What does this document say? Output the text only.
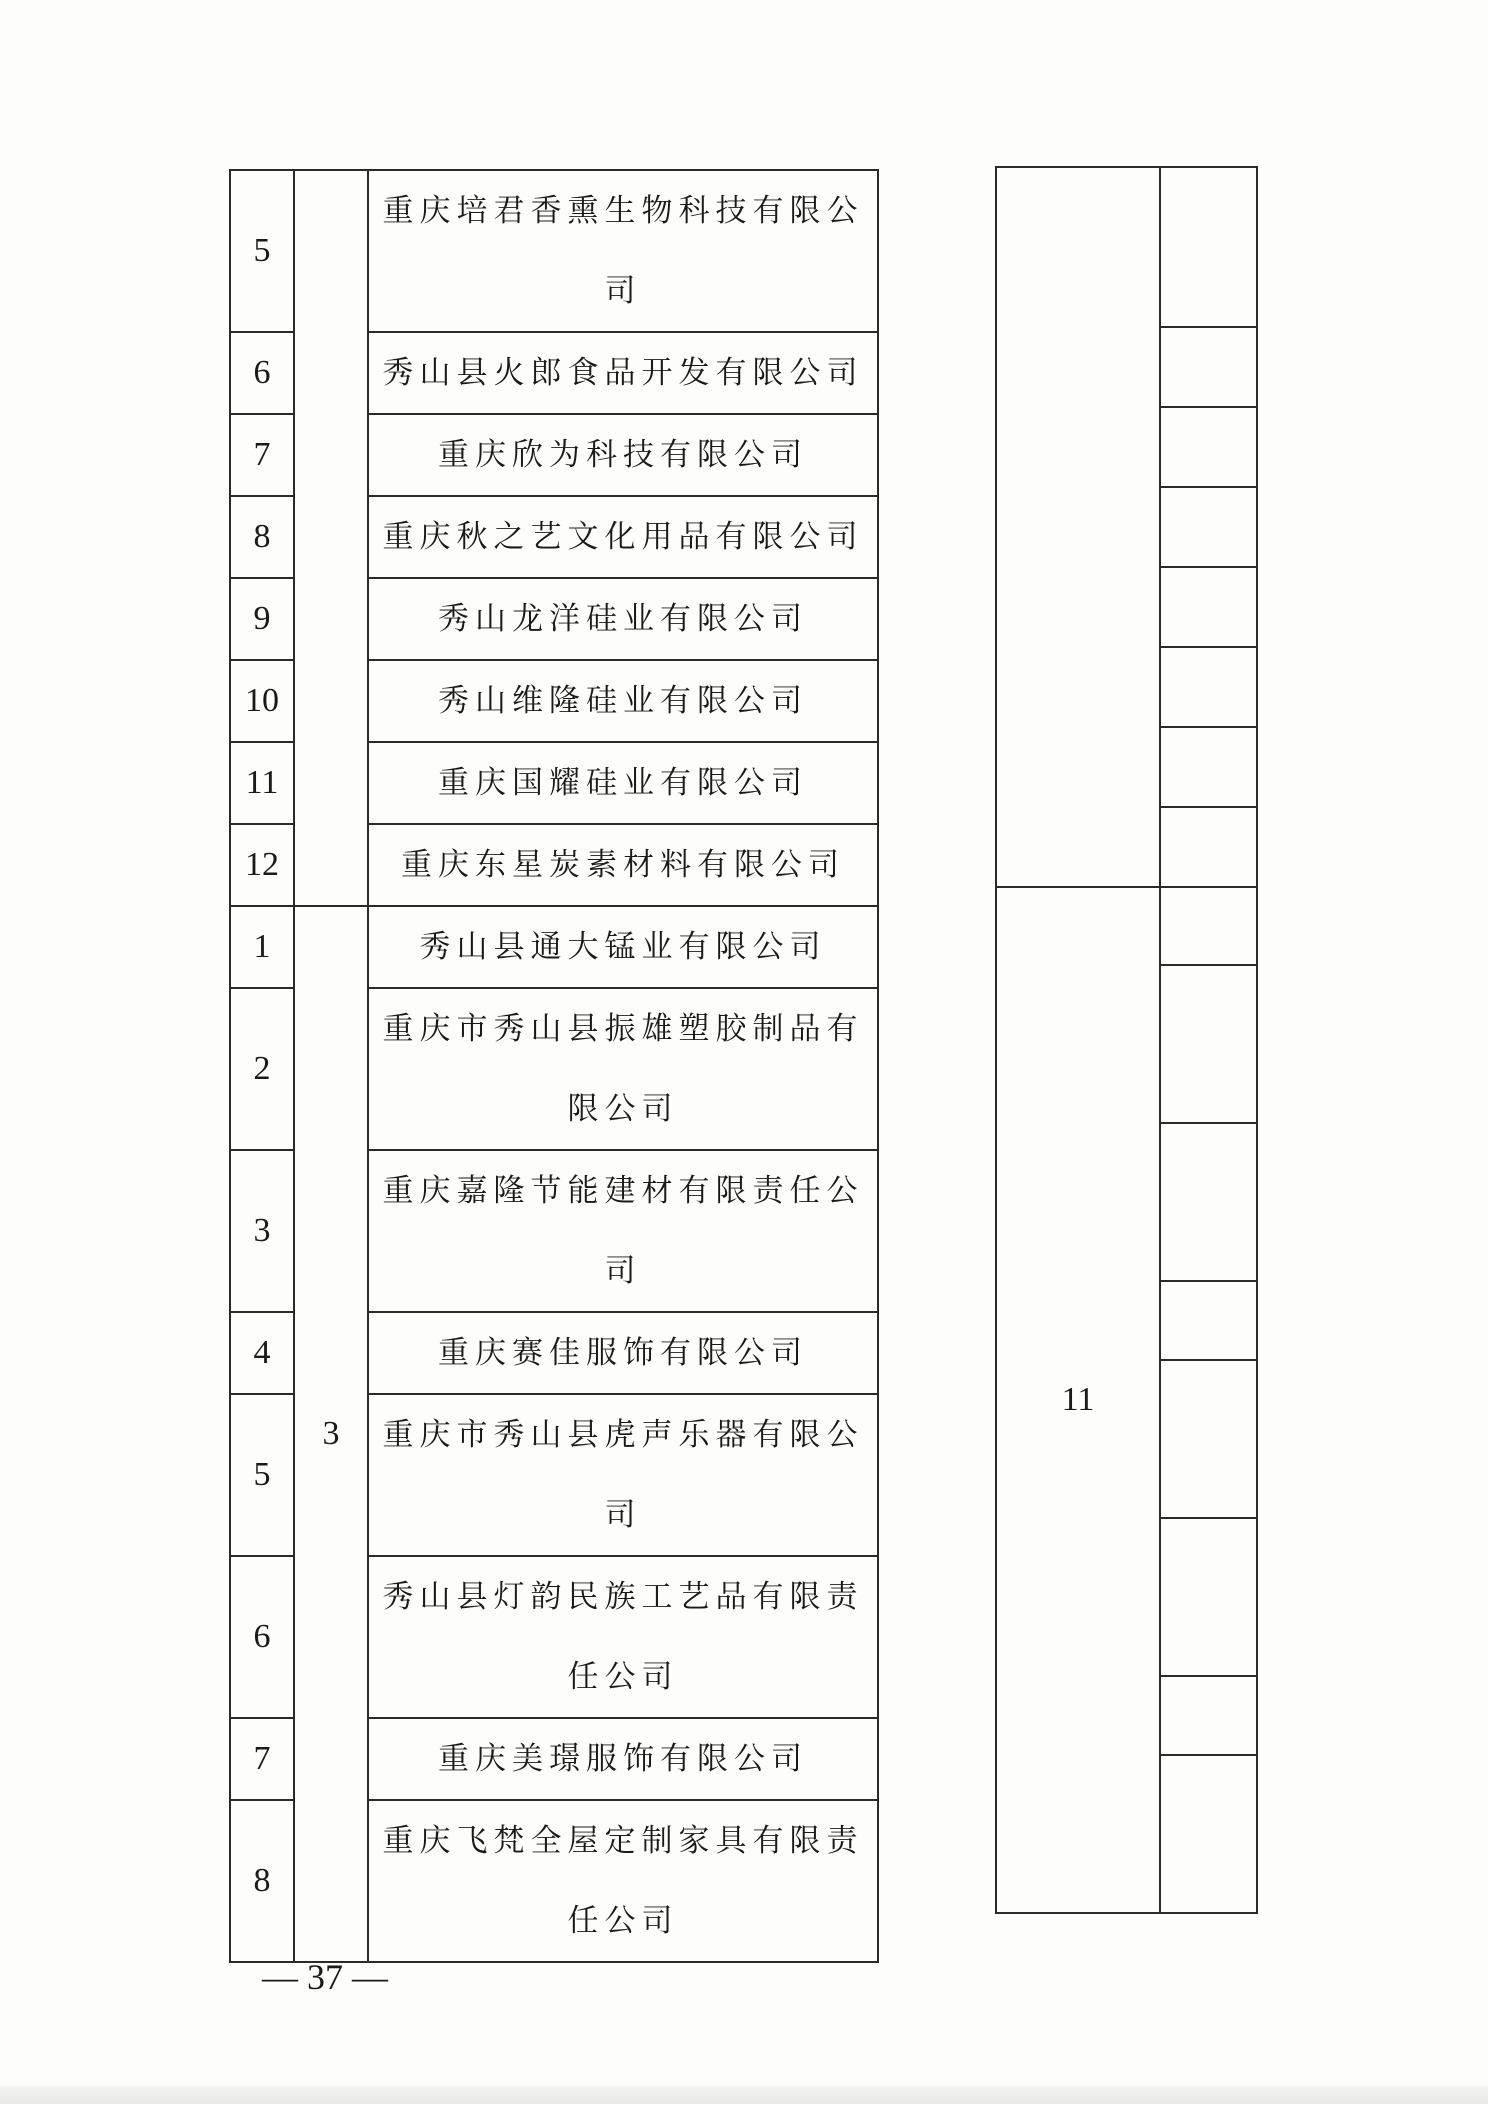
5		重庆培君香熏生物科技有限公司
6		秀山县火郎食品开发有限公司
7		重庆欣为科技有限公司
8		重庆秋之艺文化用品有限公司
9		秀山龙洋硅业有限公司
10		秀山维隆硅业有限公司
11		重庆国耀硅业有限公司
12		重庆东星炭素材料有限公司
1	3	秀山县通大锰业有限公司
2		重庆市秀山县振雄塑胶制品有限公司
3		重庆嘉隆节能建材有限责任公司
4		重庆赛佳服饰有限公司
5		重庆市秀山县虎声乐器有限公司
6		秀山县灯韵民族工艺品有限责任公司
7		重庆美璟服饰有限公司
8		重庆飞梵全屋定制家具有限责任公司

11	

— 37 —
